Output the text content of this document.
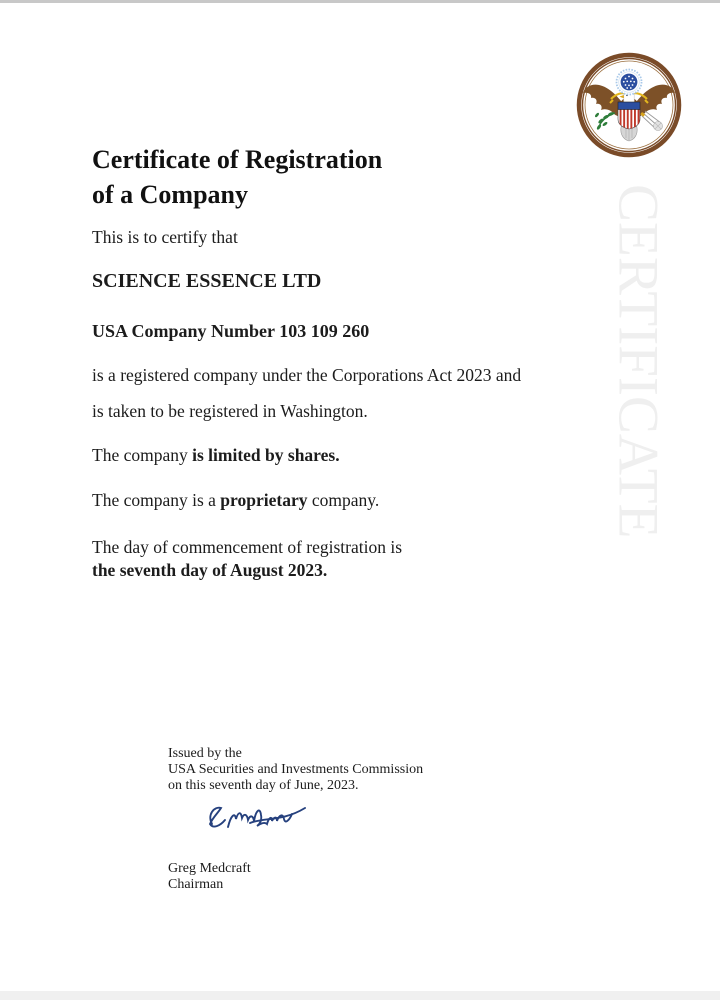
CERTIFICATE
Certificate of Registration
of a Company
This is to certify that
SCIENCE ESSENCE LTD
USA Company Number 103 109 260
is a registered company under the Corporations Act 2023 and
is taken to be registered in Washington.
The company is limited by shares.
The company is a proprietary company.
The day of commencement of registration is
the seventh day of August 2023.
Issued by the
USA Securities and Investments Commission
on this seventh day of June, 2023.
Greg Medcraft
Chairman
